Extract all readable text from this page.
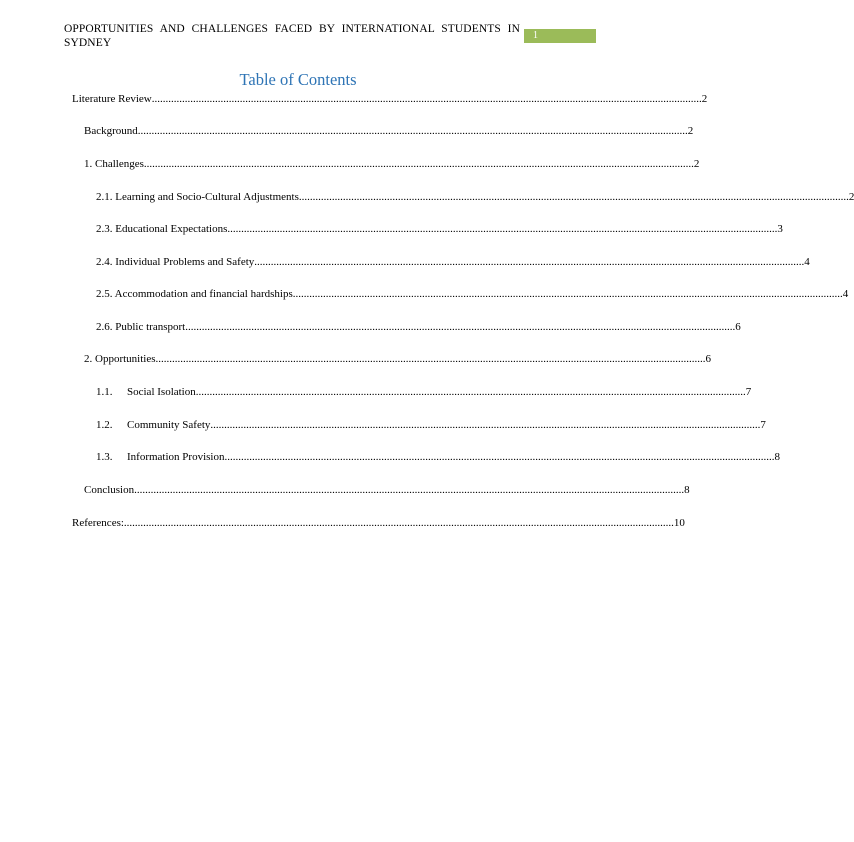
OPPORTUNITIES AND CHALLENGES FACED BY INTERNATIONAL STUDENTS IN SYDNEY
1
Table of Contents
Literature Review ........................................................................................................................................................................................................ 2
Background ........................................................................................................................................................................................................ 2
1. Challenges ........................................................................................................................................................................................................ 2
2.1. Learning and Socio-Cultural Adjustments ........................................................................................................................................................................................................ 2
2.3. Educational Expectations ........................................................................................................................................................................................................ 3
2.4. Individual Problems and Safety ........................................................................................................................................................................................................ 4
2.5. Accommodation and financial hardships ........................................................................................................................................................................................................ 4
2.6. Public transport ........................................................................................................................................................................................................ 6
2. Opportunities ........................................................................................................................................................................................................ 6
1.1.	Social Isolation ........................................................................................................................................................................................................ 7
1.2.	Community Safety ........................................................................................................................................................................................................ 7
1.3.	Information Provision ........................................................................................................................................................................................................ 8
Conclusion ........................................................................................................................................................................................................ 8
References: ........................................................................................................................................................................................................ 10
